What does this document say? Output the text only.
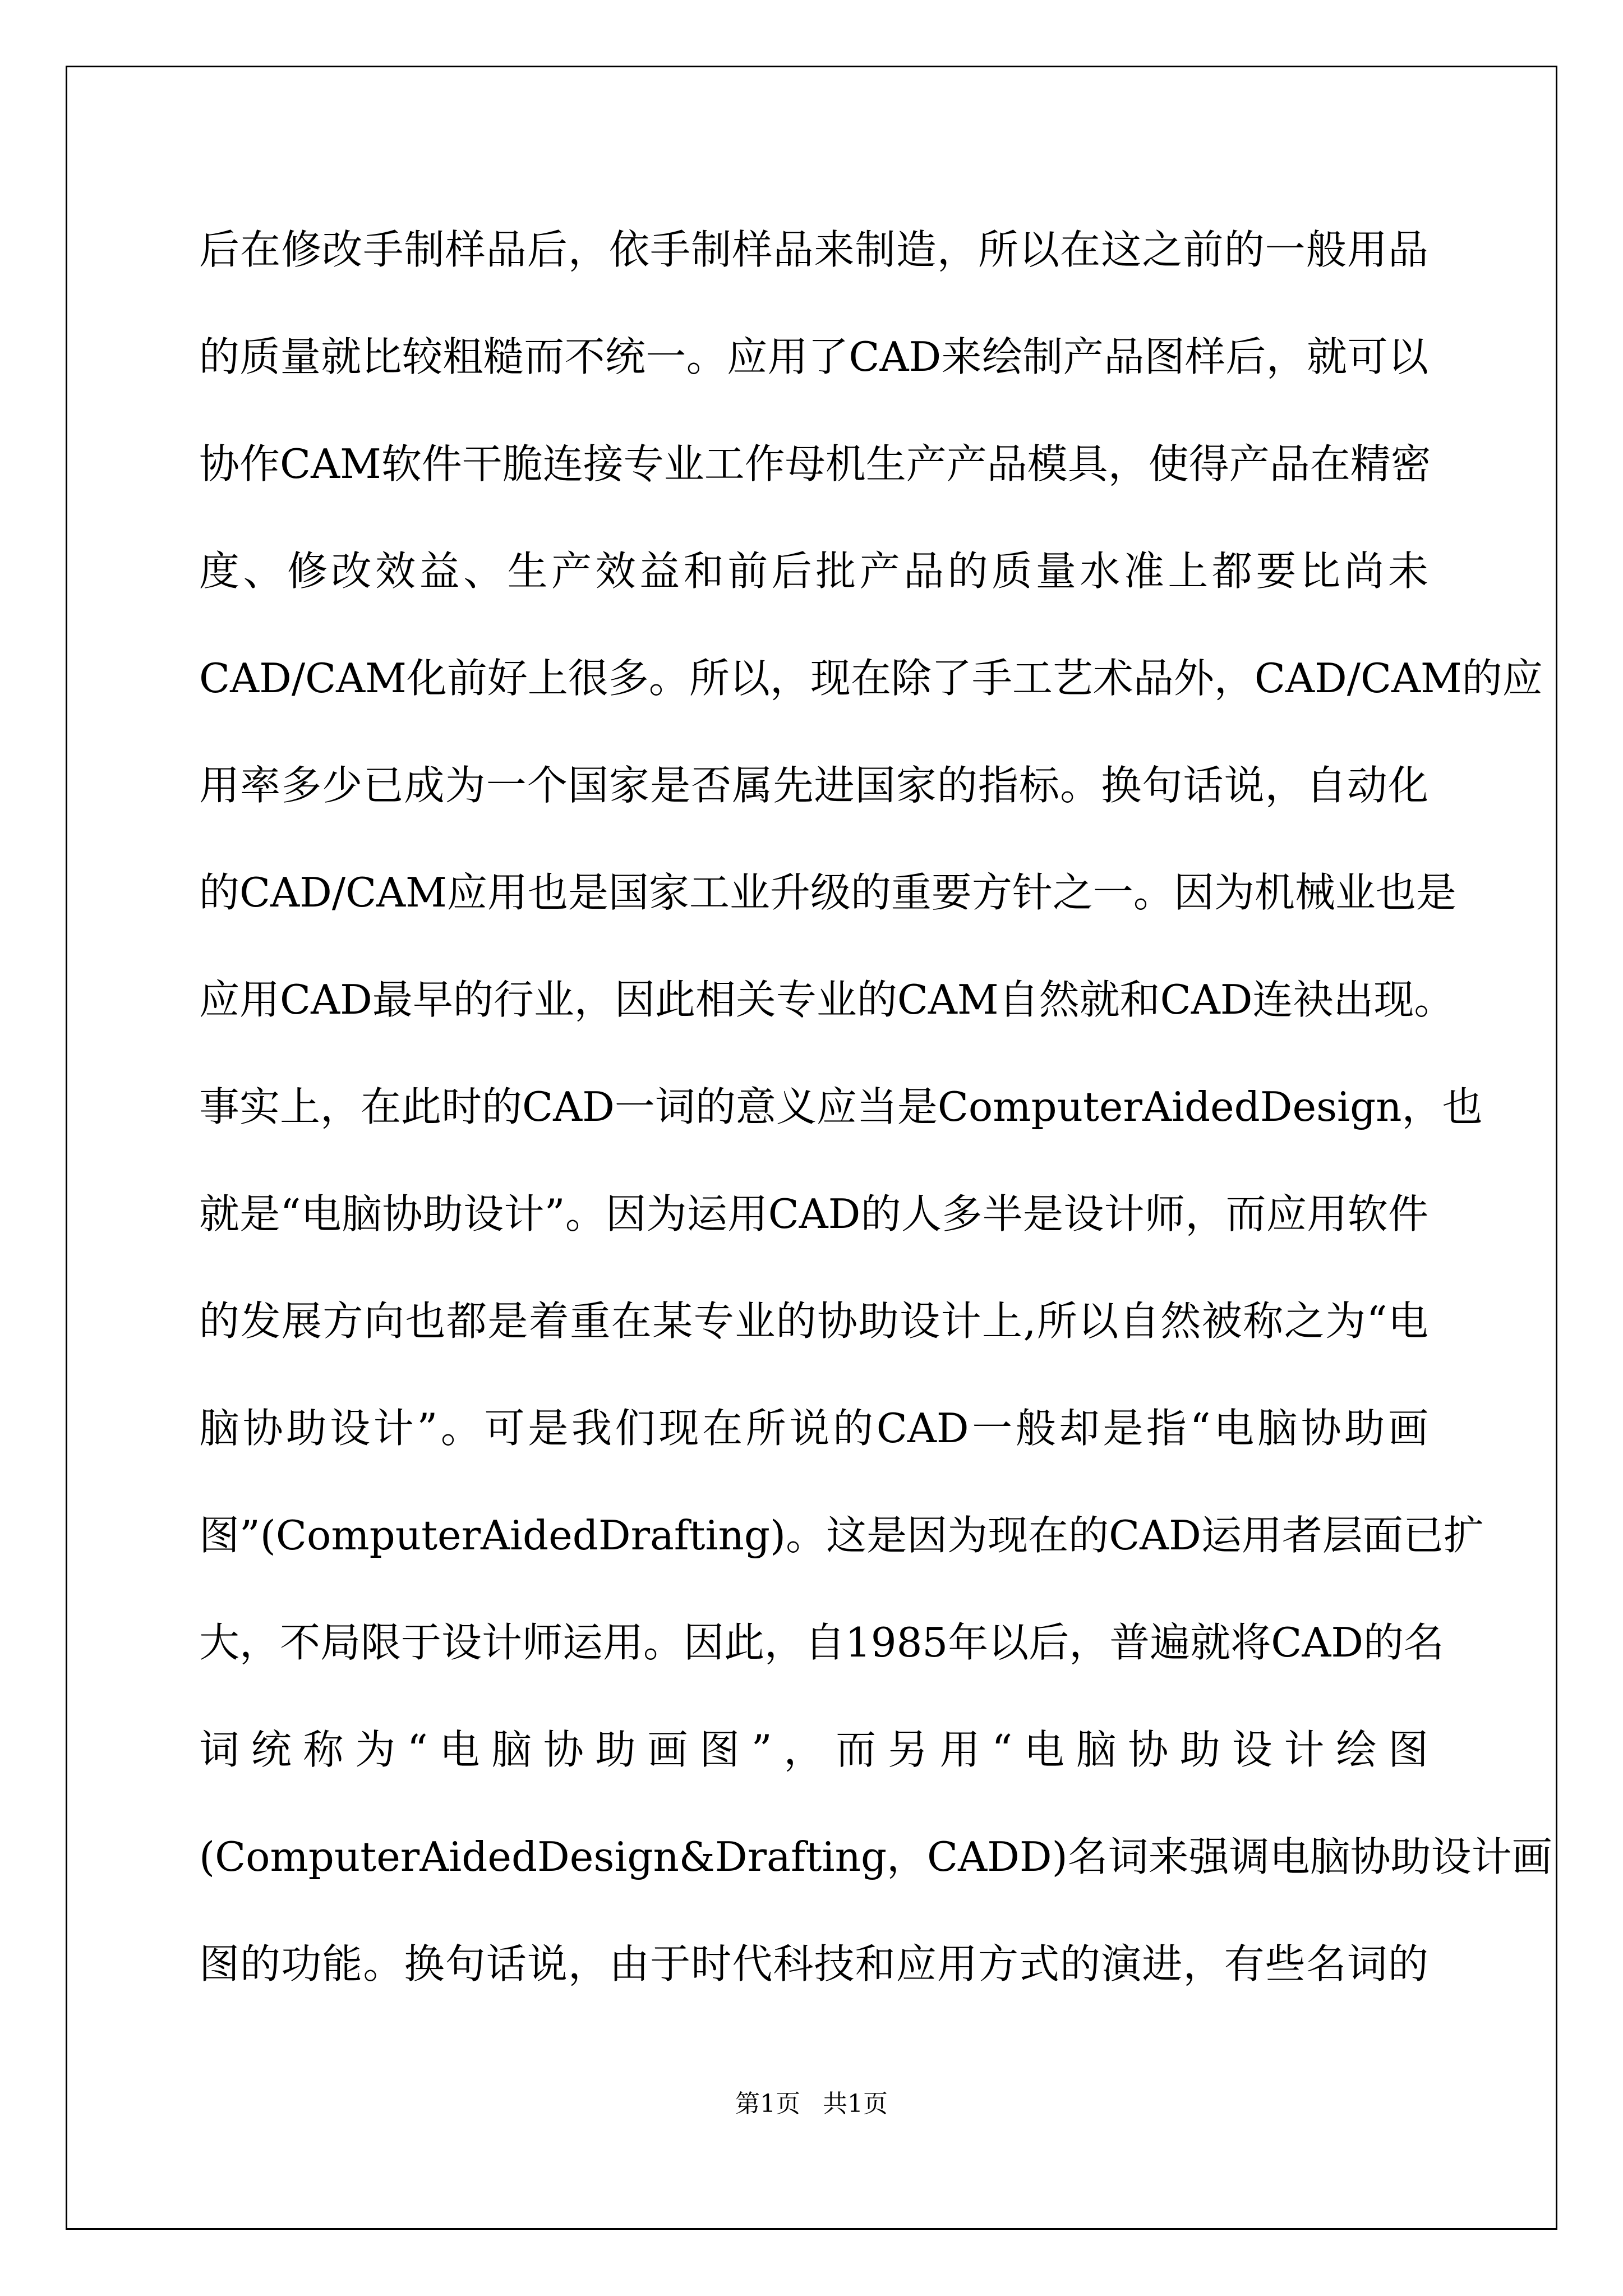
后在修改手制样品后，依手制样品来制造，所以在这之前的一般用品
的质量就比较粗糙而不统一。应用了CAD来绘制产品图样后，就可以
协作CAM软件干脆连接专业工作母机生产产品模具，使得产品在精密
度、修改效益、生产效益和前后批产品的质量水准上都要比尚未
CAD/CAM化前好上很多。所以，现在除了手工艺术品外，CAD/CAM的应
用率多少已成为一个国家是否属先进国家的指标。换句话说，自动化
的CAD/CAM应用也是国家工业升级的重要方针之一。因为机械业也是
应用CAD最早的行业，因此相关专业的CAM自然就和CAD连袂出现。
事实上，在此时的CAD一词的意义应当是ComputerAidedDesign，也
就是“电脑协助设计”。因为运用CAD的人多半是设计师，而应用软件
的发展方向也都是着重在某专业的协助设计上,所以自然被称之为“电
脑协助设计”。可是我们现在所说的CAD一般却是指“电脑协助画
图”(ComputerAidedDrafting)。这是因为现在的CAD运用者层面已扩
大，不局限于设计师运用。因此，自1985年以后，普遍就将CAD的名
词统称为“电脑协助画图”，而另用“电脑协助设计绘图
(ComputerAidedDesign&Drafting，CADD)名词来强调电脑协助设计画
图的功能。换句话说，由于时代科技和应用方式的演进，有些名词的
第1页 共1页
